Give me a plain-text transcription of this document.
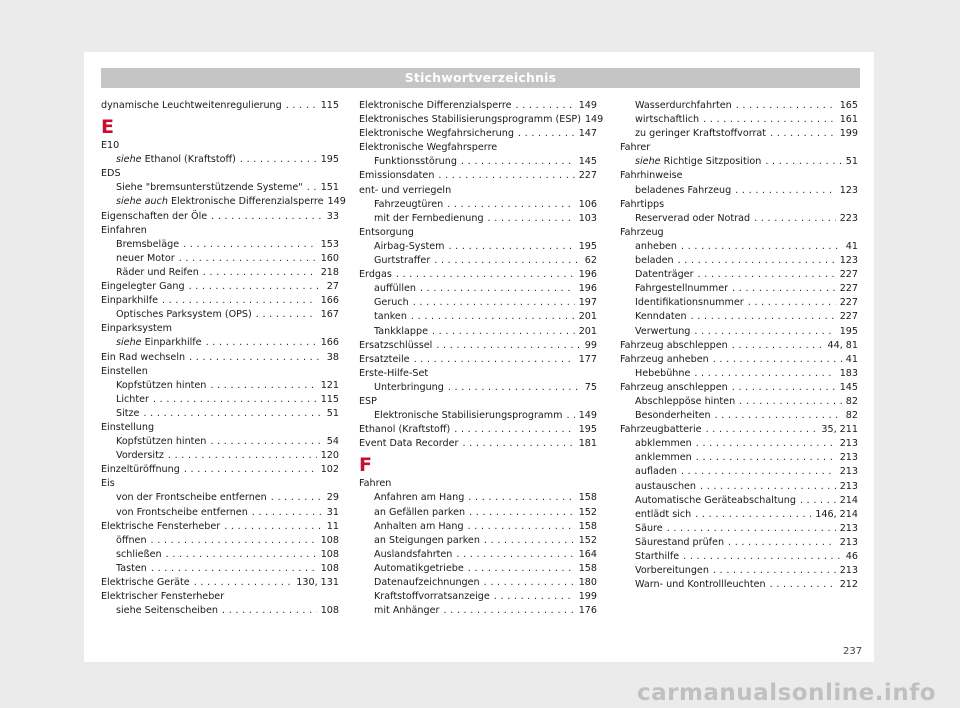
Stichwortverzeichnis
dynamische Leuchtweitenregulierung . . .	115
E
E10
siehe Ethanol (Kraftstoff) . . .	195
EDS
Siehe "bremsunterstützende Systeme" . . .	151
siehe auch Elektronische Differenzialsperre 149
Eigenschaften der Öle . . .	33
Einfahren
Bremsbeläge . . .	153
neuer Motor . . .	160
Räder und Reifen . . .	218
Eingelegter Gang . . .	27
Einparkhilfe . . .	166
Optisches Parksystem (OPS) . . .	167
Einparksystem
siehe Einparkhilfe . . .	166
Ein Rad wechseln . . .	38
Einstellen
Kopfstützen hinten . . .	121
Lichter . . .	115
Sitze . . .	51
Einstellung
Kopfstützen hinten . . .	54
Vordersitz . . .	120
Einzeltüröffnung . . .	102
Eis
von der Frontscheibe entfernen . . .	29
von Frontscheibe entfernen . . .	31
Elektrische Fensterheber . . .	11
öffnen . . .	108
schließen . . .	108
Tasten . . .	108
Elektrische Geräte . . .	130, 131
Elektrischer Fensterheber
siehe Seitenscheiben . . .	108
Elektronische Differenzialsperre . . .	149
Elektronisches Stabilisierungsprogramm (ESP) 149
Elektronische Wegfahrsicherung . . .	147
Elektronische Wegfahrsperre
Funktionsstörung . . .	145
Emissionsdaten . . .	227
ent- und verriegeln
Fahrzeugtüren . . .	106
mit der Fernbedienung . . .	103
Entsorgung
Airbag-System . . .	195
Gurtstraffer . . .	62
Erdgas . . .	196
auffüllen . . .	196
Geruch . . .	197
tanken . . .	201
Tankklappe . . .	201
Ersatzschlüssel . . .	99
Ersatzteile . . .	177
Erste-Hilfe-Set
Unterbringung . . .	75
ESP
Elektronische Stabilisierungsprogramm . . .	149
Ethanol (Kraftstoff) . . .	195
Event Data Recorder . . .	181
F
Fahren
Anfahren am Hang . . .	158
an Gefällen parken . . .	152
Anhalten am Hang . . .	158
an Steigungen parken . . .	152
Auslandsfahrten . . .	164
Automatikgetriebe . . .	158
Datenaufzeichnungen . . .	180
Kraftstoffvorratsanzeige . . .	199
mit Anhänger . . .	176
Wasserdurchfahrten . . .	165
wirtschaftlich . . .	161
zu geringer Kraftstoffvorrat . . .	199
Fahrer
siehe Richtige Sitzposition . . .	51
Fahrhinweise
beladenes Fahrzeug . . .	123
Fahrtipps
Reserverad oder Notrad . . .	223
Fahrzeug
anheben . . .	41
beladen . . .	123
Datenträger . . .	227
Fahrgestellnummer . . .	227
Identifikationsnummer . . .	227
Kenndaten . . .	227
Verwertung . . .	195
Fahrzeug abschleppen . . .	44, 81
Fahrzeug anheben . . .	41
Hebebühne . . .	183
Fahrzeug anschleppen . . .	145
Abschleppöse hinten . . .	82
Besonderheiten . . .	82
Fahrzeugbatterie . . .	35, 211
abklemmen . . .	213
anklemmen . . .	213
aufladen . . .	213
austauschen . . .	213
Automatische Geräteabschaltung . . .	214
entlädt sich . . .	146, 214
Säure . . .	213
Säurestand prüfen . . .	213
Starthilfe . . .	46
Vorbereitungen . . .	213
Warn- und Kontrollleuchten . . .	212
237
carmanualsonline.info
